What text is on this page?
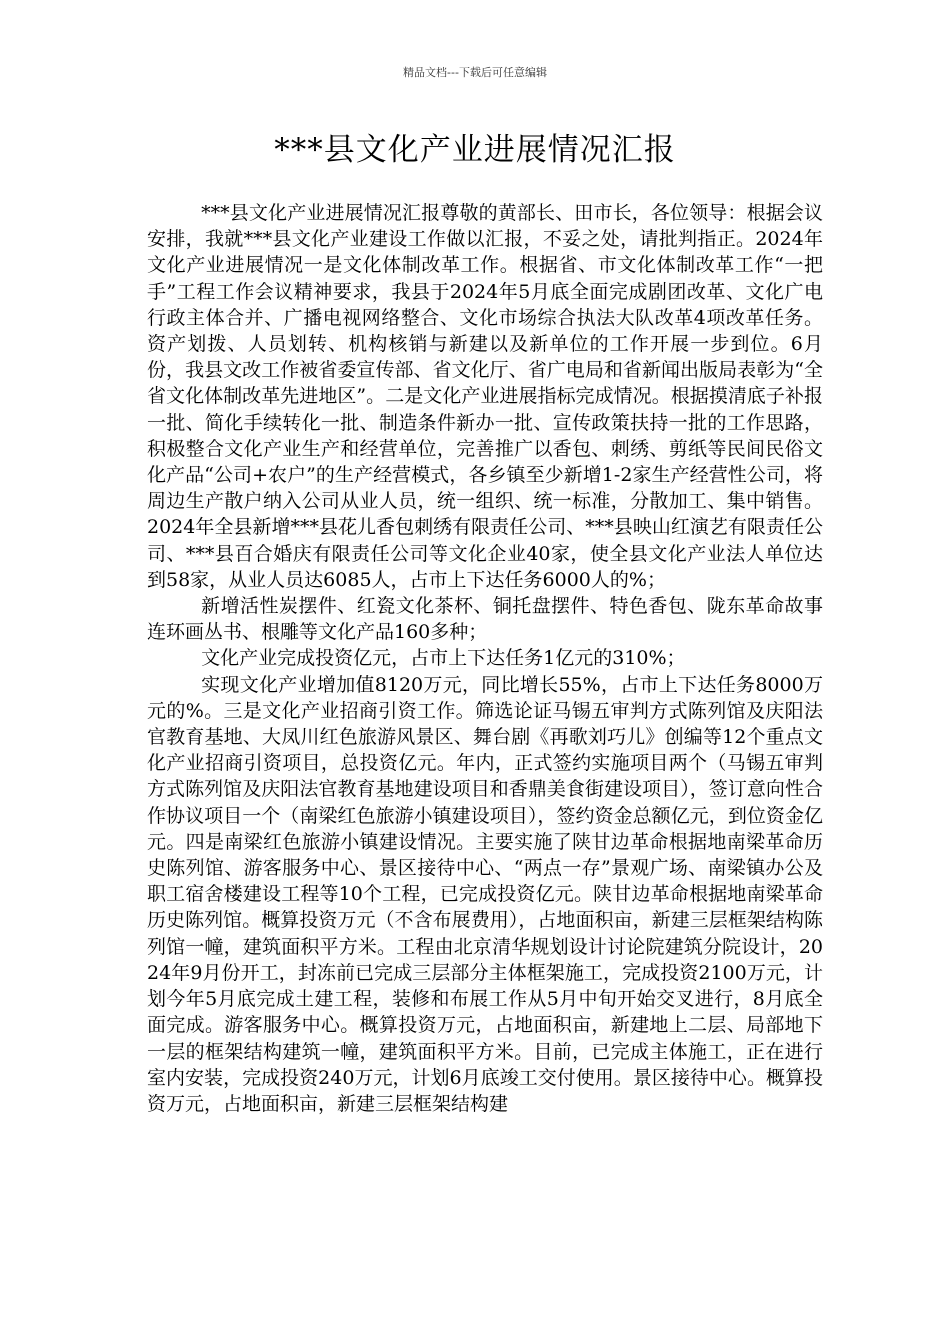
精品文档---下载后可任意编辑
***县文化产业进展情况汇报

***县文化产业进展情况汇报尊敬的黄部长、田市长，各位领导：根据会议安排，我就***县文化产业建设工作做以汇报，不妥之处，请批判指正。2024年文化产业进展情况一是文化体制改革工作。根据省、市文化体制改革工作“一把手”工程工作会议精神要求，我县于2024年5月底全面完成剧团改革、文化广电行政主体合并、广播电视网络整合、文化市场综合执法大队改革4项改革任务。资产划拨、人员划转、机构核销与新建以及新单位的工作开展一步到位。6月份，我县文改工作被省委宣传部、省文化厅、省广电局和省新闻出版局表彰为“全省文化体制改革先进地区”。二是文化产业进展指标完成情况。根据摸清底子补报一批、简化手续转化一批、制造条件新办一批、宣传政策扶持一批的工作思路，积极整合文化产业生产和经营单位，完善推广以香包、刺绣、剪纸等民间民俗文化产品“公司+农户”的生产经营模式，各乡镇至少新增1-2家生产经营性公司，将周边生产散户纳入公司从业人员，统一组织、统一标准，分散加工、集中销售。2024年全县新增***县花儿香包刺绣有限责任公司、***县映山红演艺有限责任公司、***县百合婚庆有限责任公司等文化企业40家，使全县文化产业法人单位达到58家，从业人员达6085人，占市上下达任务6000人的%；

新增活性炭摆件、红瓷文化茶杯、铜托盘摆件、特色香包、陇东革命故事连环画丛书、根雕等文化产品160多种；

文化产业完成投资亿元，占市上下达任务1亿元的310%；

实现文化产业增加值8120万元，同比增长55%，占市上下达任务8000万元的%。三是文化产业招商引资工作。筛选论证马锡五审判方式陈列馆及庆阳法官教育基地、大凤川红色旅游风景区、舞台剧《再歌刘巧儿》创编等12个重点文化产业招商引资项目，总投资亿元。年内，正式签约实施项目两个（马锡五审判方式陈列馆及庆阳法官教育基地建设项目和香鼎美食街建设项目），签订意向性合作协议项目一个（南梁红色旅游小镇建设项目），签约资金总额亿元，到位资金亿元。四是南梁红色旅游小镇建设情况。主要实施了陕甘边革命根据地南梁革命历史陈列馆、游客服务中心、景区接待中心、“两点一存”景观广场、南梁镇办公及职工宿舍楼建设工程等10个工程，已完成投资亿元。陕甘边革命根据地南梁革命历史陈列馆。概算投资万元（不含布展费用），占地面积亩，新建三层框架结构陈列馆一幢，建筑面积平方米。工程由北京清华规划设计讨论院建筑分院设计，2024年9月份开工，封冻前已完成三层部分主体框架施工，完成投资2100万元，计划今年5月底完成土建工程，装修和布展工作从5月中旬开始交叉进行，8月底全面完成。游客服务中心。概算投资万元，占地面积亩，新建地上二层、局部地下一层的框架结构建筑一幢，建筑面积平方米。目前，已完成主体施工，正在进行室内安装，完成投资240万元，计划6月底竣工交付使用。景区接待中心。概算投资万元，占地面积亩，新建三层框架结构建
